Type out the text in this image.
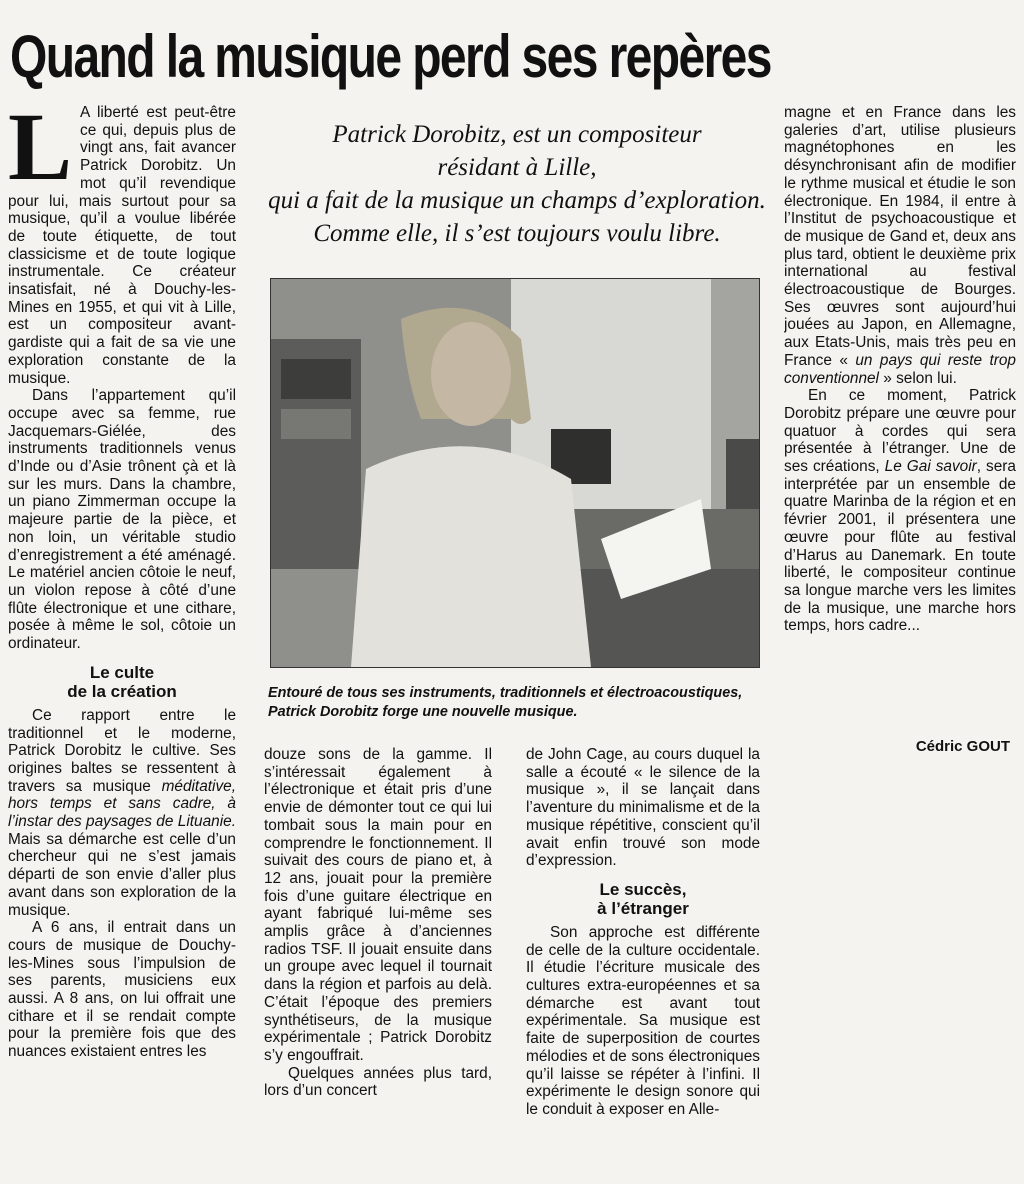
Quand la musique perd ses repères

L A liberté est peut-être ce qui, depuis plus de vingt ans, fait avancer Patrick Dorobitz. Un mot qu’il revendique pour lui, mais surtout pour sa musique, qu’il a voulue libérée de toute étiquette, de tout classicisme et de toute logique instrumentale. Ce créateur insatisfait, né à Douchy-les-Mines en 1955, et qui vit à Lille, est un compositeur avant-gardiste qui a fait de sa vie une exploration constante de la musique.

Dans l’appartement qu’il occupe avec sa femme, rue Jacquemars-Giélée, des instruments traditionnels venus d’Inde ou d’Asie trônent çà et là sur les murs. Dans la chambre, un piano Zimmerman occupe la majeure partie de la pièce, et non loin, un véritable studio d’enregistrement a été aménagé. Le matériel ancien côtoie le neuf, un violon repose à côté d’une flûte électronique et une cithare, posée à même le sol, côtoie un ordinateur.

Le culte
de la création

Ce rapport entre le traditionnel et le moderne, Patrick Dorobitz le cultive. Ses origines baltes se ressentent à travers sa musique méditative, hors temps et sans cadre, à l’instar des paysages de Lituanie. Mais sa démarche est celle d’un chercheur qui ne s’est jamais départi de son envie d’aller plus avant dans son exploration de la musique.

A 6 ans, il entrait dans un cours de musique de Douchy-les-Mines sous l’impulsion de ses parents, musiciens eux aussi. A 8 ans, on lui offrait une cithare et il se rendait compte pour la première fois que des nuances existaient entres les

Patrick Dorobitz, est un compositeur
résidant à Lille,
qui a fait de la musique un champs d’exploration.
Comme elle, il s’est toujours voulu libre.
Entouré de tous ses instruments, traditionnels et électroacoustiques, Patrick Dorobitz forge une nouvelle musique.

douze sons de la gamme. Il s’intéressait également à l’électronique et était pris d’une envie de démonter tout ce qui lui tombait sous la main pour en comprendre le fonctionnement. Il suivait des cours de piano et, à 12 ans, jouait pour la première fois d’une guitare électrique en ayant fabriqué lui-même ses amplis grâce à d’anciennes radios TSF. Il jouait ensuite dans un groupe avec lequel il tournait dans la région et parfois au delà. C’était l’époque des premiers synthétiseurs, de la musique expérimentale ; Patrick Dorobitz s’y engouffrait.

Quelques années plus tard, lors d’un concert

de John Cage, au cours duquel la salle a écouté « le silence de la musique », il se lançait dans l’aventure du minimalisme et de la musique répétitive, conscient qu’il avait enfin trouvé son mode d’expression.

Le succès,
à l’étranger

Son approche est différente de celle de la culture occidentale. Il étudie l’écriture musicale des cultures extra-européennes et sa démarche est avant tout expérimentale. Sa musique est faite de superposition de courtes mélodies et de sons électroniques qu’il laisse se répéter à l’infini. Il expérimente le design sonore qui le conduit à exposer en Alle-

magne et en France dans les galeries d’art, utilise plusieurs magnétophones en les désynchronisant afin de modifier le rythme musical et étudie le son électronique. En 1984, il entre à l’Institut de psychoacoustique et de musique de Gand et, deux ans plus tard, obtient le deuxième prix international au festival électroacoustique de Bourges. Ses œuvres sont aujourd’hui jouées au Japon, en Allemagne, aux Etats-Unis, mais très peu en France « un pays qui reste trop conventionnel » selon lui.

En ce moment, Patrick Dorobitz prépare une œuvre pour quatuor à cordes qui sera présentée à l’étranger. Une de ses créations, Le Gai savoir, sera interprétée par un ensemble de quatre Marinba de la région et en février 2001, il présentera une œuvre pour flûte au festival d’Harus au Danemark. En toute liberté, le compositeur continue sa longue marche vers les limites de la musique, une marche hors temps, hors cadre...

Cédric GOUT
